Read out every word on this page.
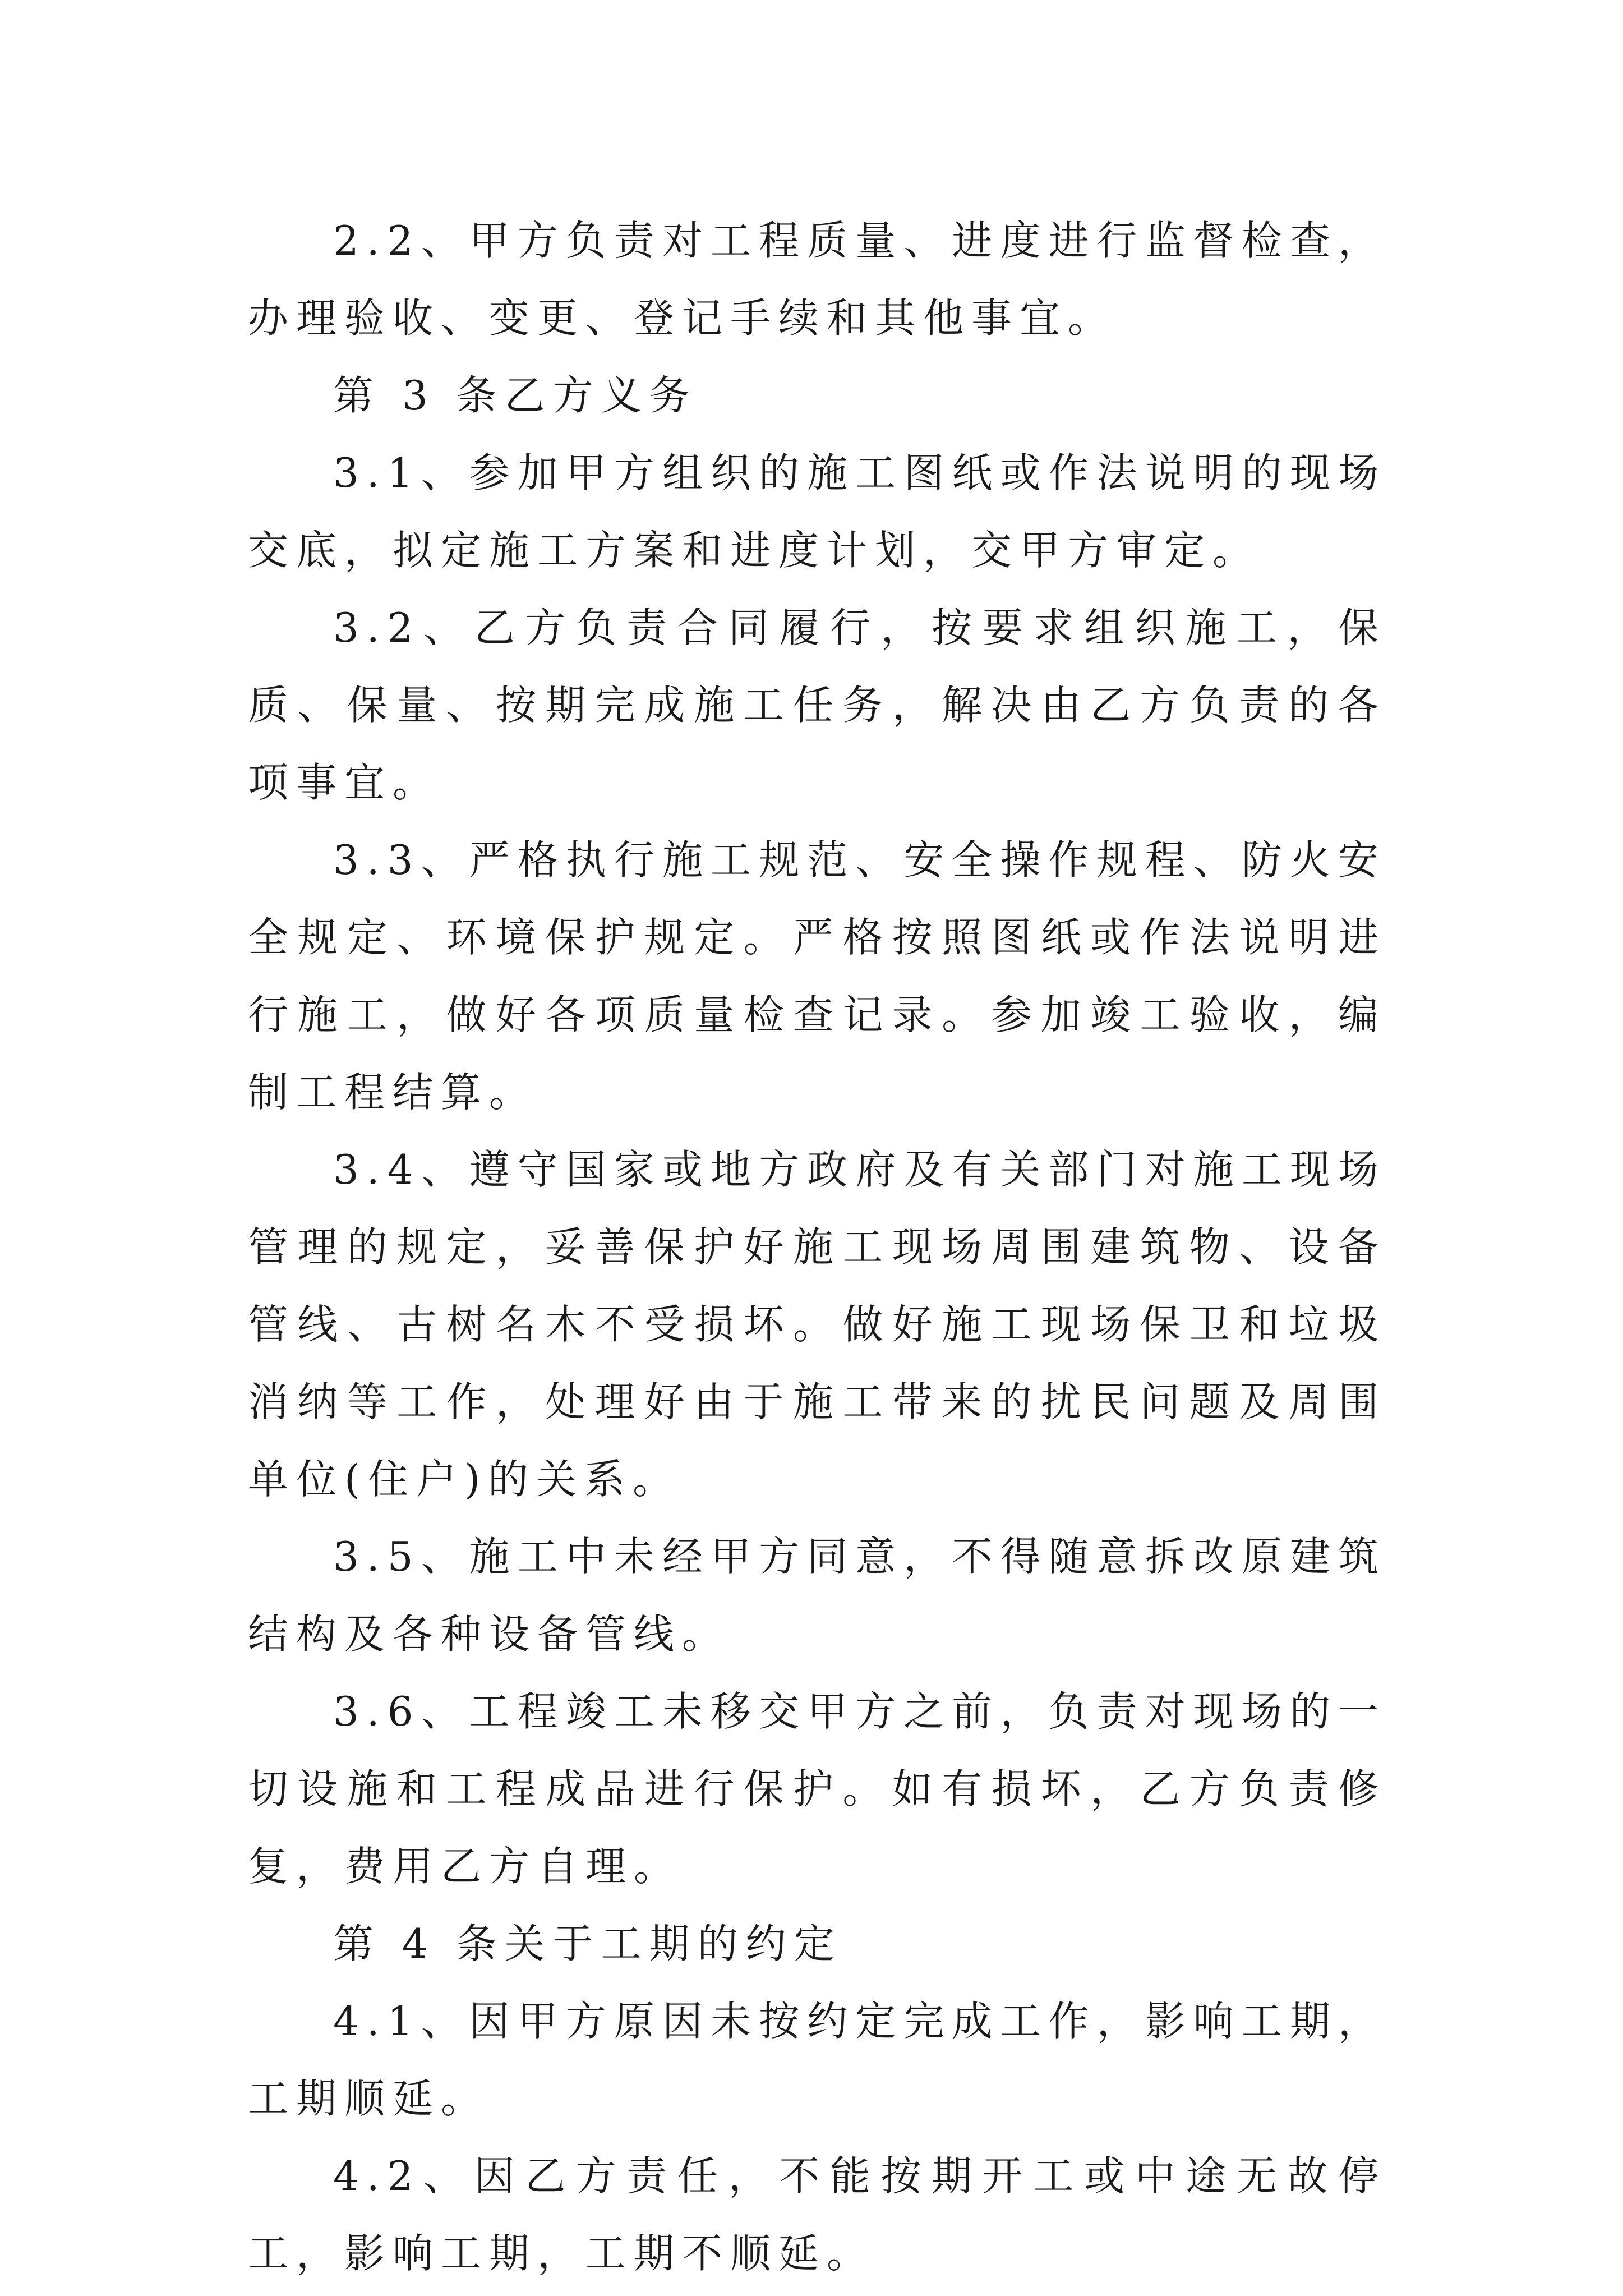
2.2、甲方负责对工程质量、进度进行监督检查，办理验收、变更、登记手续和其他事宜。

第 3 条乙方义务

3.1、参加甲方组织的施工图纸或作法说明的现场交底，拟定施工方案和进度计划，交甲方审定。

3.2、乙方负责合同履行，按要求组织施工，保质、保量、按期完成施工任务，解决由乙方负责的各项事宜。

3.3、严格执行施工规范、安全操作规程、防火安全规定、环境保护规定。严格按照图纸或作法说明进行施工，做好各项质量检查记录。参加竣工验收，编制工程结算。

3.4、遵守国家或地方政府及有关部门对施工现场管理的规定，妥善保护好施工现场周围建筑物、设备管线、古树名木不受损坏。做好施工现场保卫和垃圾消纳等工作，处理好由于施工带来的扰民问题及周围单位(住户)的关系。

3.5、施工中未经甲方同意，不得随意拆改原建筑结构及各种设备管线。

3.6、工程竣工未移交甲方之前，负责对现场的一切设施和工程成品进行保护。如有损坏，乙方负责修复，费用乙方自理。

第 4 条关于工期的约定

4.1、因甲方原因未按约定完成工作，影响工期，工期顺延。

4.2、因乙方责任，不能按期开工或中途无故停工，影响工期，工期不顺延。
